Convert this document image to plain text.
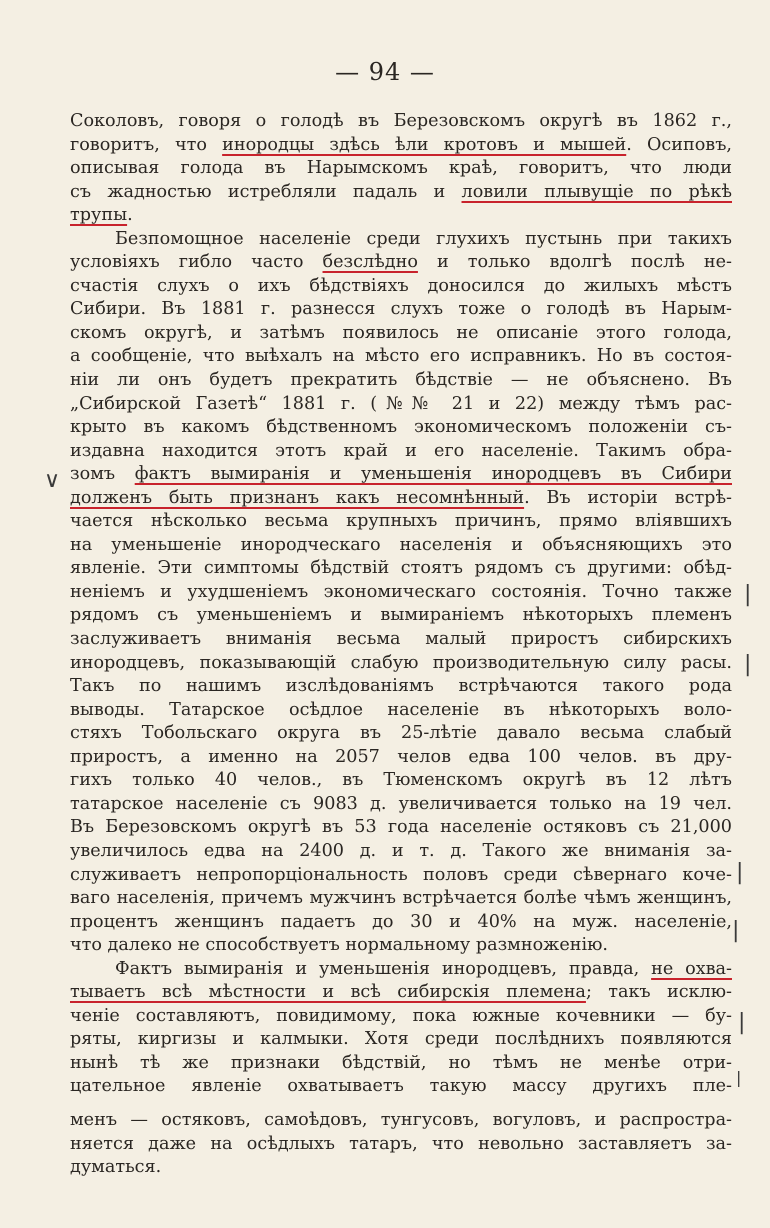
— 94 —
Соколовъ, говоря о голодѣ въ Березовскомъ округѣ въ 1862 г.,
говоритъ, что инородцы здѣсь ѣли кротовъ и мышей. Осиповъ,
описывая голода въ Нарымскомъ краѣ, говоритъ, что люди
съ жадностью истребляли падаль и ловили плывущіе по рѣкѣ
трупы.
Безпомощное населеніе среди глухихъ пустынь при такихъ
условіяхъ гибло часто безслѣдно и только вдолгѣ послѣ не-
счастія слухъ о ихъ бѣдствіяхъ доносился до жилыхъ мѣстъ
Сибири. Въ 1881 г. разнесся слухъ тоже о голодѣ въ Нарым-
скомъ округѣ, и затѣмъ появилось не описаніе этого голода,
а сообщеніе, что выѣхалъ на мѣсто его исправникъ. Но въ состоя-
ніи ли онъ будетъ прекратить бѣдствіе — не объяснено. Въ
„Сибирской Газетѣ“ 1881 г. (№№ 21 и 22) между тѣмъ рас-
крыто въ какомъ бѣдственномъ экономическомъ положеніи съ-
издавна находится этотъ край и его населеніе. Такимъ обра-
зомъ фактъ вымиранія и уменьшенія инородцевъ въ Сибири
долженъ быть признанъ какъ несомнѣнный. Въ исторіи встрѣ-
чается нѣсколько весьма крупныхъ причинъ, прямо вліявшихъ
на уменьшеніе инородческаго населенія и объясняющихъ это
явленіе. Эти симптомы бѣдствій стоятъ рядомъ съ другими: обѣд-
неніемъ и ухудшеніемъ экономическаго состоянія. Точно также
рядомъ съ уменьшеніемъ и вымираніемъ нѣкоторыхъ племенъ
заслуживаетъ вниманія весьма малый приростъ сибирскихъ
инородцевъ, показывающій слабую производительную силу расы.
Такъ по нашимъ изслѣдованіямъ встрѣчаются такого рода
выводы. Татарское осѣдлое населеніе въ нѣкоторыхъ воло-
стяхъ Тобольскаго округа въ 25-лѣтіе давало весьма слабый
приростъ, а именно на 2057 челов едва 100 челов. въ дру-
гихъ только 40 челов., въ Тюменскомъ округѣ въ 12 лѣтъ
татарское населеніе съ 9083 д. увеличивается только на 19 чел.
Въ Березовскомъ округѣ въ 53 года населеніе остяковъ съ 21,000
увеличилось едва на 2400 д. и т. д. Такого же вниманія за-
служиваетъ непропорціональность половъ среди сѣвернаго коче-
ваго населенія, причемъ мужчинъ встрѣчается болѣе чѣмъ женщинъ,
процентъ женщинъ падаетъ до 30 и 40% на муж. населеніе,
что далеко не способствуетъ нормальному размноженію.
Фактъ вымиранія и уменьшенія инородцевъ, правда, не охва-
тываетъ всѣ мѣстности и всѣ сибирскія племена; такъ исклю-
ченіе составляютъ, повидимому, пока южные кочевники — бу-
ряты, киргизы и калмыки. Хотя среди послѣднихъ появляются
нынѣ тѣ же признаки бѣдствій, но тѣмъ не менѣе отри-
цательное явленіе охватываетъ такую массу другихъ пле-
менъ — остяковъ, самоѣдовъ, тунгусовъ, вогуловъ, и распростра-
няется даже на осѣдлыхъ татаръ, что невольно заставляетъ за-
думаться.
∨
|
|
|
|
|
|
